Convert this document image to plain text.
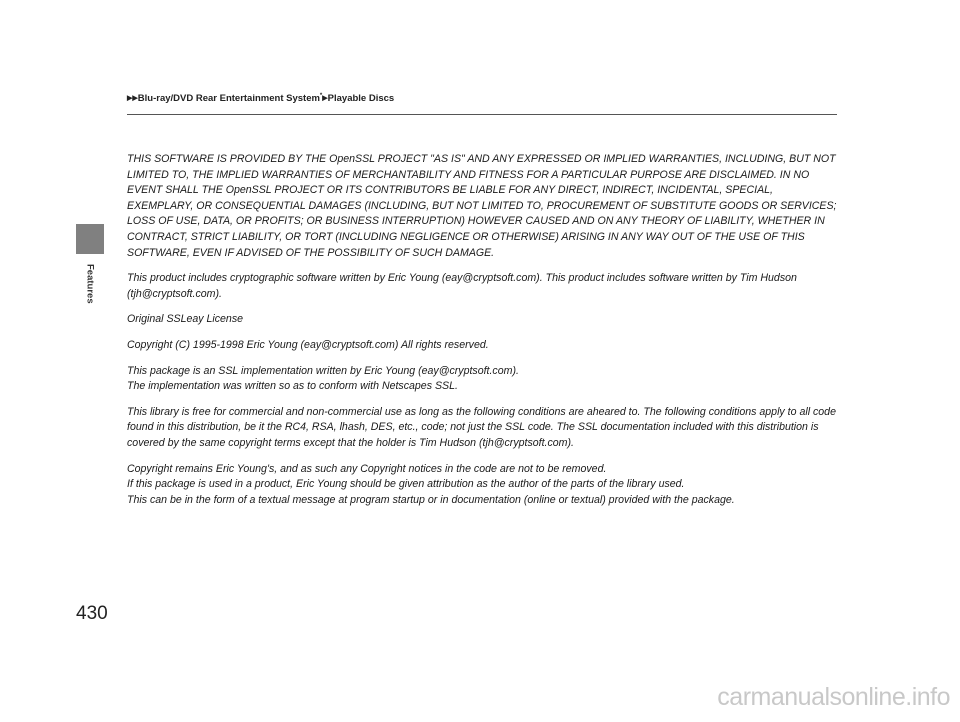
▶▶Blu-ray/DVD Rear Entertainment System*▶Playable Discs
Features

THIS SOFTWARE IS PROVIDED BY THE OpenSSL PROJECT "AS IS" AND ANY EXPRESSED OR IMPLIED WARRANTIES, INCLUDING, BUT NOT LIMITED TO, THE IMPLIED WARRANTIES OF MERCHANTABILITY AND FITNESS FOR A PARTICULAR PURPOSE ARE DISCLAIMED. IN NO EVENT SHALL THE OpenSSL PROJECT OR ITS CONTRIBUTORS BE LIABLE FOR ANY DIRECT, INDIRECT, INCIDENTAL, SPECIAL, EXEMPLARY, OR CONSEQUENTIAL DAMAGES (INCLUDING, BUT NOT LIMITED TO, PROCUREMENT OF SUBSTITUTE GOODS OR SERVICES; LOSS OF USE, DATA, OR PROFITS; OR BUSINESS INTERRUPTION) HOWEVER CAUSED AND ON ANY THEORY OF LIABILITY, WHETHER IN CONTRACT, STRICT LIABILITY, OR TORT (INCLUDING NEGLIGENCE OR OTHERWISE) ARISING IN ANY WAY OUT OF THE USE OF THIS SOFTWARE, EVEN IF ADVISED OF THE POSSIBILITY OF SUCH DAMAGE.

This product includes cryptographic software written by Eric Young (eay@cryptsoft.com). This product includes software written by Tim Hudson (tjh@cryptsoft.com).

Original SSLeay License

Copyright (C) 1995-1998 Eric Young (eay@cryptsoft.com) All rights reserved.

This package is an SSL implementation written by Eric Young (eay@cryptsoft.com).

The implementation was written so as to conform with Netscapes SSL.

This library is free for commercial and non-commercial use as long as the following conditions are aheared to. The following conditions apply to all code found in this distribution, be it the RC4, RSA, lhash, DES, etc., code; not just the SSL code. The SSL documentation included with this distribution is covered by the same copyright terms except that the holder is Tim Hudson (tjh@cryptsoft.com).

Copyright remains Eric Young's, and as such any Copyright notices in the code are not to be removed.

If this package is used in a product, Eric Young should be given attribution as the author of the parts of the library used.

This can be in the form of a textual message at program startup or in documentation (online or textual) provided with the package.

430
carmanualsonline.info
